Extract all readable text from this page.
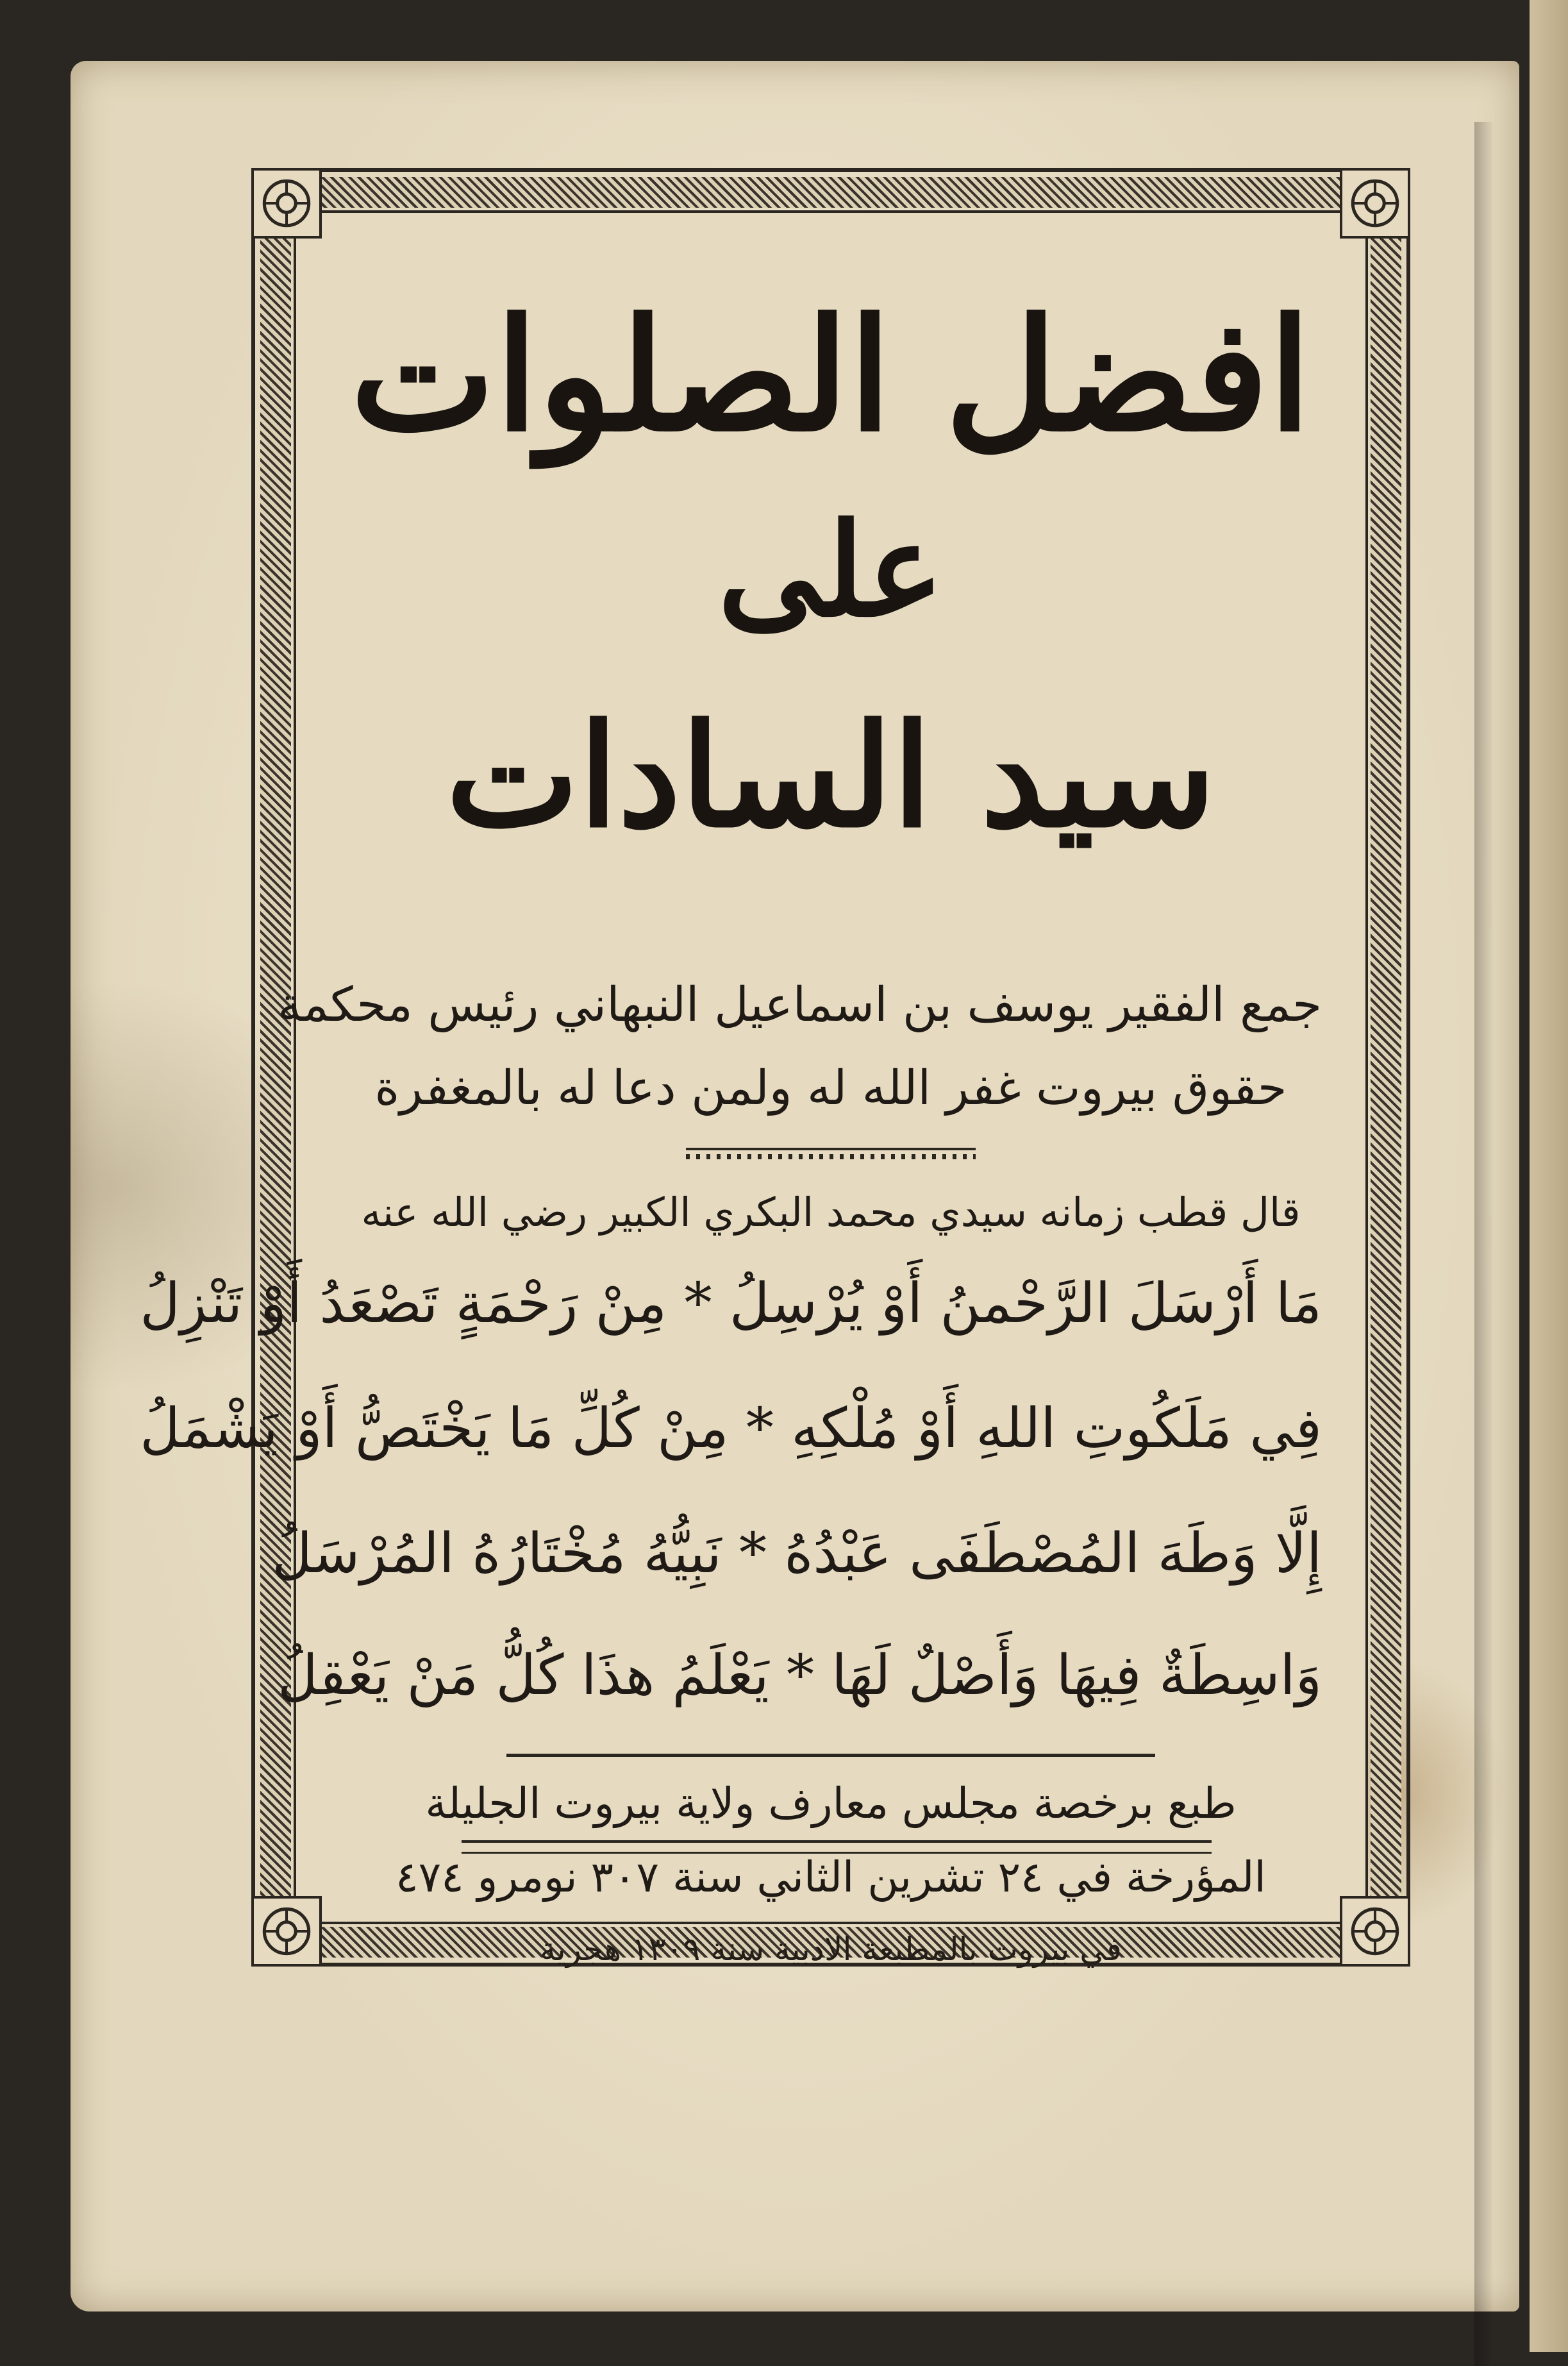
افضل الصلوات
على
سيد السادات
جمع الفقير يوسف بن اسماعيل النبهاني رئيس محكمة
حقوق بيروت غفر الله له ولمن دعا له بالمغفرة
قال قطب زمانه سيدي محمد البكري الكبير رضي الله عنه
مَا أَرْسَلَ الرَّحْمنُ أَوْ يُرْسِلُ * مِنْ رَحْمَةٍ تَصْعَدُ أَوْ تَنْزِلُ
فِي مَلَكُوتِ اللهِ أَوْ مُلْكِهِ * مِنْ كُلِّ مَا يَخْتَصُّ أَوْ يَشْمَلُ
إِلَّا وَطَهَ المُصْطَفَى عَبْدُهُ * نَبِيُّهُ مُخْتَارُهُ المُرْسَلُ
وَاسِطَةٌ فِيهَا وَأَصْلٌ لَهَا * يَعْلَمُ هذَا كُلُّ مَنْ يَعْقِلُ
طبع برخصة مجلس معارف ولاية بيروت الجليلة
المؤرخة في ٢٤ تشرين الثاني سنة ٣٠٧ نومرو ٤٧٤
في بيروت بالمطبعة الادبية سنة ١٣٠٩ هجرية
